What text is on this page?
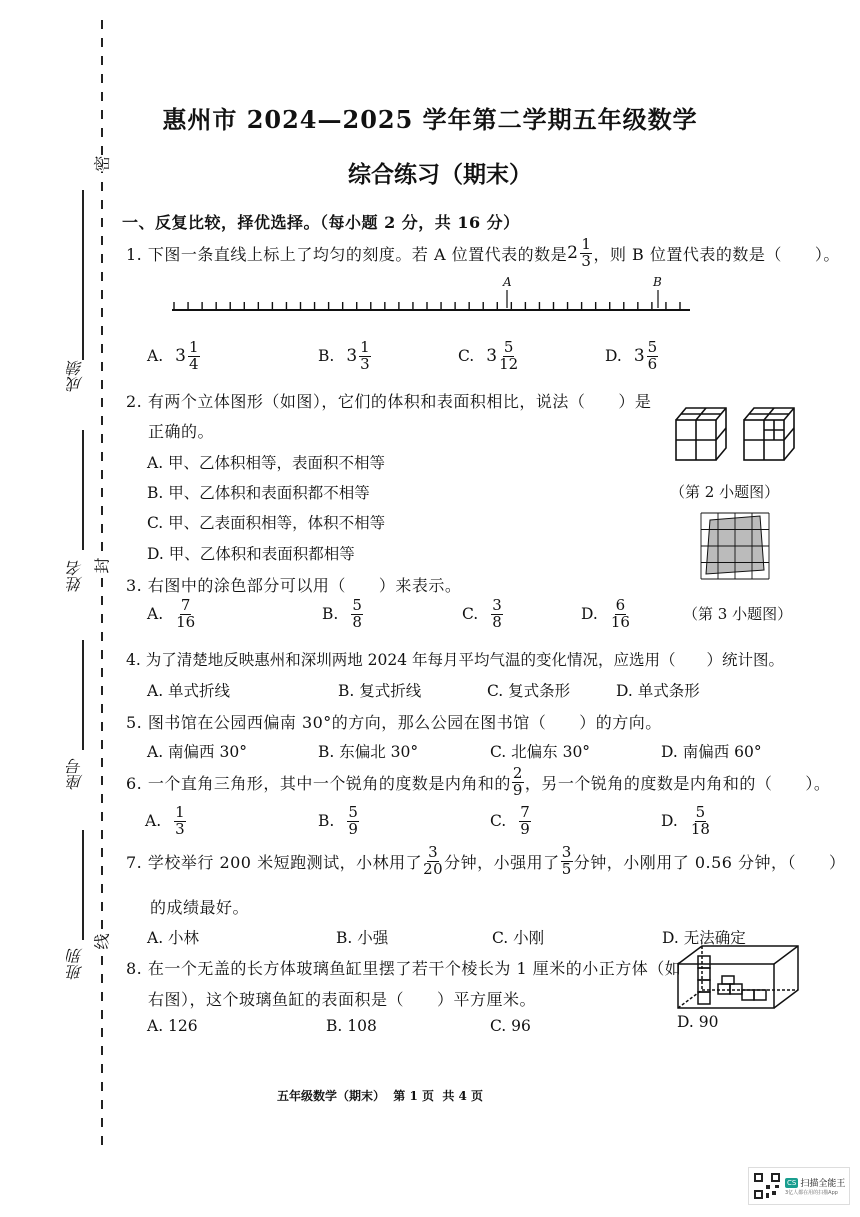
密
封
线
成绩
姓名
座号
班别
惠州市 2024—2025 学年第二学期五年级数学
综合练习（期末）
一、反复比较，择优选择。（每小题 2 分，共 16 分）
1. 下图一条直线上标上了均匀的刻度。若 A 位置代表的数是 $2 \frac{1}{3}$ ，则 B 位置代表的数是（　　）。
A	B
A. $3 \frac{1}{4}$	B. $3 \frac{1}{3}$	C. $3 \frac{5}{12}$	D. $3 \frac{5}{6}$
2. 有两个立体图形（如图），它们的体积和表面积相比，说法（　　）是
正确的。
A. 甲、乙体积相等，表面积不相等
B. 甲、乙体积和表面积都不相等
C. 甲、乙表面积相等，体积不相等
D. 甲、乙体积和表面积都相等
（第 2 小题图）
3. 右图中的涂色部分可以用（　　）来表示。
A. $\frac{7}{16}$	B. $\frac{5}{8}$	C. $\frac{3}{8}$	D. $\frac{6}{16}$	（第 3 小题图）
4. 为了清楚地反映惠州和深圳两地 2024 年每月平均气温的变化情况，应选用（　　）统计图。
A. 单式折线	B. 复式折线	C. 复式条形	D. 单式条形
5. 图书馆在公园西偏南 30°的方向，那么公园在图书馆（　　）的方向。
A. 南偏西 30°	B. 东偏北 30°	C. 北偏东 30°	D. 南偏西 60°
6. 一个直角三角形，其中一个锐角的度数是内角和的 $\frac{2}{9}$ ，另一个锐角的度数是内角和的（　　）。
A. $\frac{1}{3}$	B. $\frac{5}{9}$	C. $\frac{7}{9}$	D. $\frac{5}{18}$
7. 学校举行 200 米短跑测试，小林用了 $\frac{3}{20}$ 分钟，小强用了 $\frac{3}{5}$ 分钟，小刚用了 0.56 分钟，（　　）
的成绩最好。
A. 小林	B. 小强	C. 小刚	D. 无法确定
8. 在一个无盖的长方体玻璃鱼缸里摆了若干个棱长为 1 厘米的小正方体（如
右图），这个玻璃鱼缸的表面积是（　　）平方厘米。
A. 126	B. 108	C. 96	D. 90
五年级数学（期末）  第 1 页  共 4 页
CS 扫描全能王
3亿人都在用的扫描App
